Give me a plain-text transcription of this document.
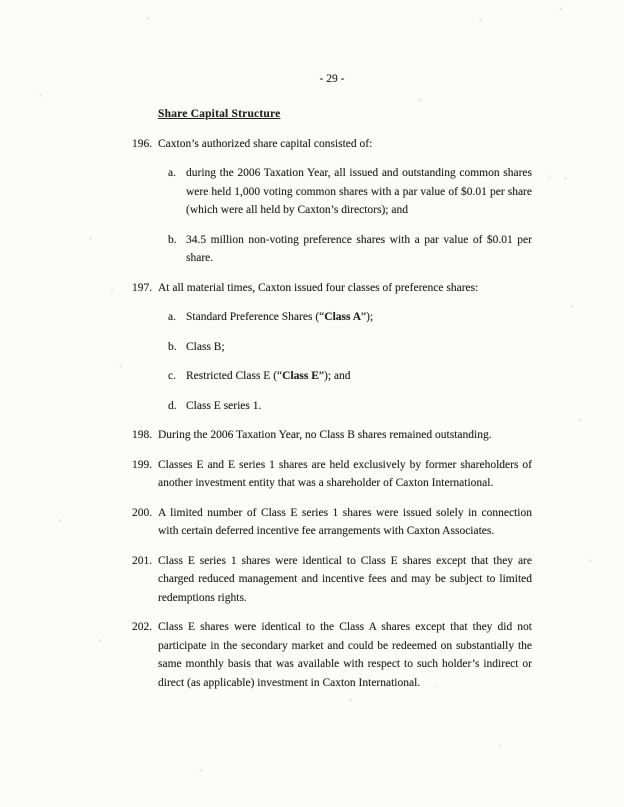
- 29 -
Share Capital Structure
196. Caxton’s authorized share capital consisted of:
a. during the 2006 Taxation Year, all issued and outstanding common shares were held 1,000 voting common shares with a par value of $0.01 per share (which were all held by Caxton’s directors); and
b. 34.5 million non-voting preference shares with a par value of $0.01 per share.
197. At all material times, Caxton issued four classes of preference shares:
a. Standard Preference Shares (“Class A”);
b. Class B;
c. Restricted Class E (“Class E”); and
d. Class E series 1.
198. During the 2006 Taxation Year, no Class B shares remained outstanding.
199. Classes E and E series 1 shares are held exclusively by former shareholders of another investment entity that was a shareholder of Caxton International.
200. A limited number of Class E series 1 shares were issued solely in connection with certain deferred incentive fee arrangements with Caxton Associates.
201. Class E series 1 shares were identical to Class E shares except that they are charged reduced management and incentive fees and may be subject to limited redemptions rights.
202. Class E shares were identical to the Class A shares except that they did not participate in the secondary market and could be redeemed on substantially the same monthly basis that was available with respect to such holder’s indirect or direct (as applicable) investment in Caxton International.
